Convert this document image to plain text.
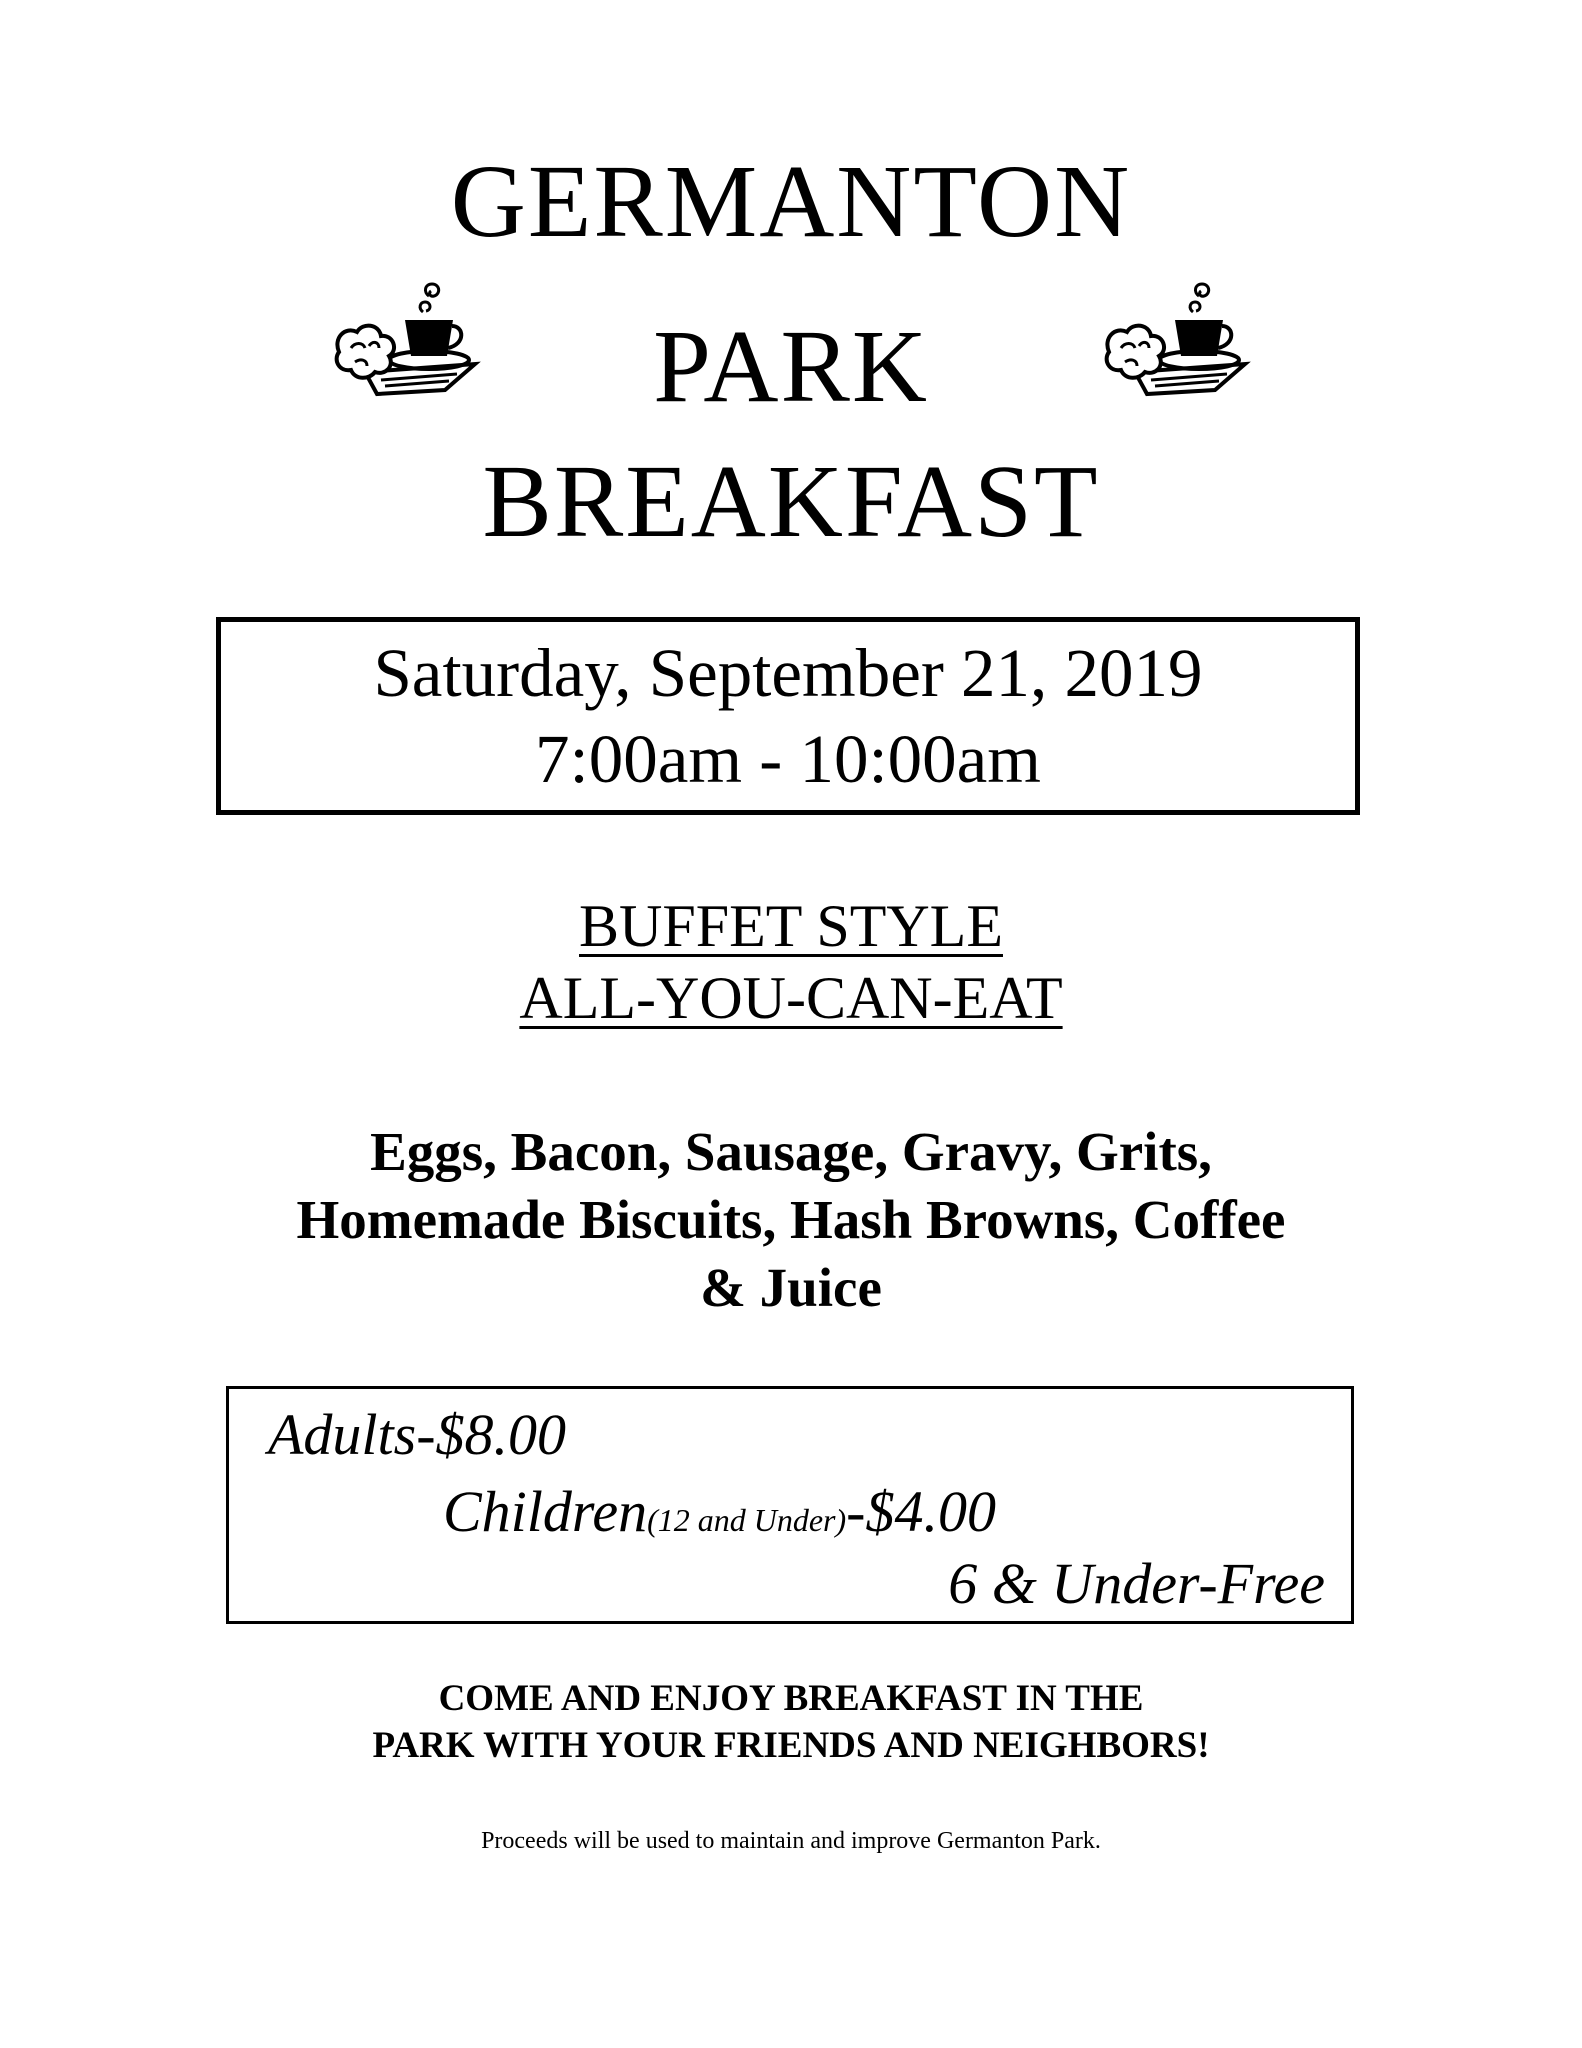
GERMANTON
PARK
BREAKFAST
Saturday, September 21, 2019
7:00am - 10:00am
BUFFET STYLE
ALL-YOU-CAN-EAT
Eggs, Bacon, Sausage, Gravy, Grits,
Homemade Biscuits, Hash Browns, Coffee
& Juice
Adults-$8.00
Children(12 and Under)-$4.00
6 & Under-Free
COME AND ENJOY BREAKFAST IN THE
PARK WITH YOUR FRIENDS AND NEIGHBORS!
Proceeds will be used to maintain and improve Germanton Park.
